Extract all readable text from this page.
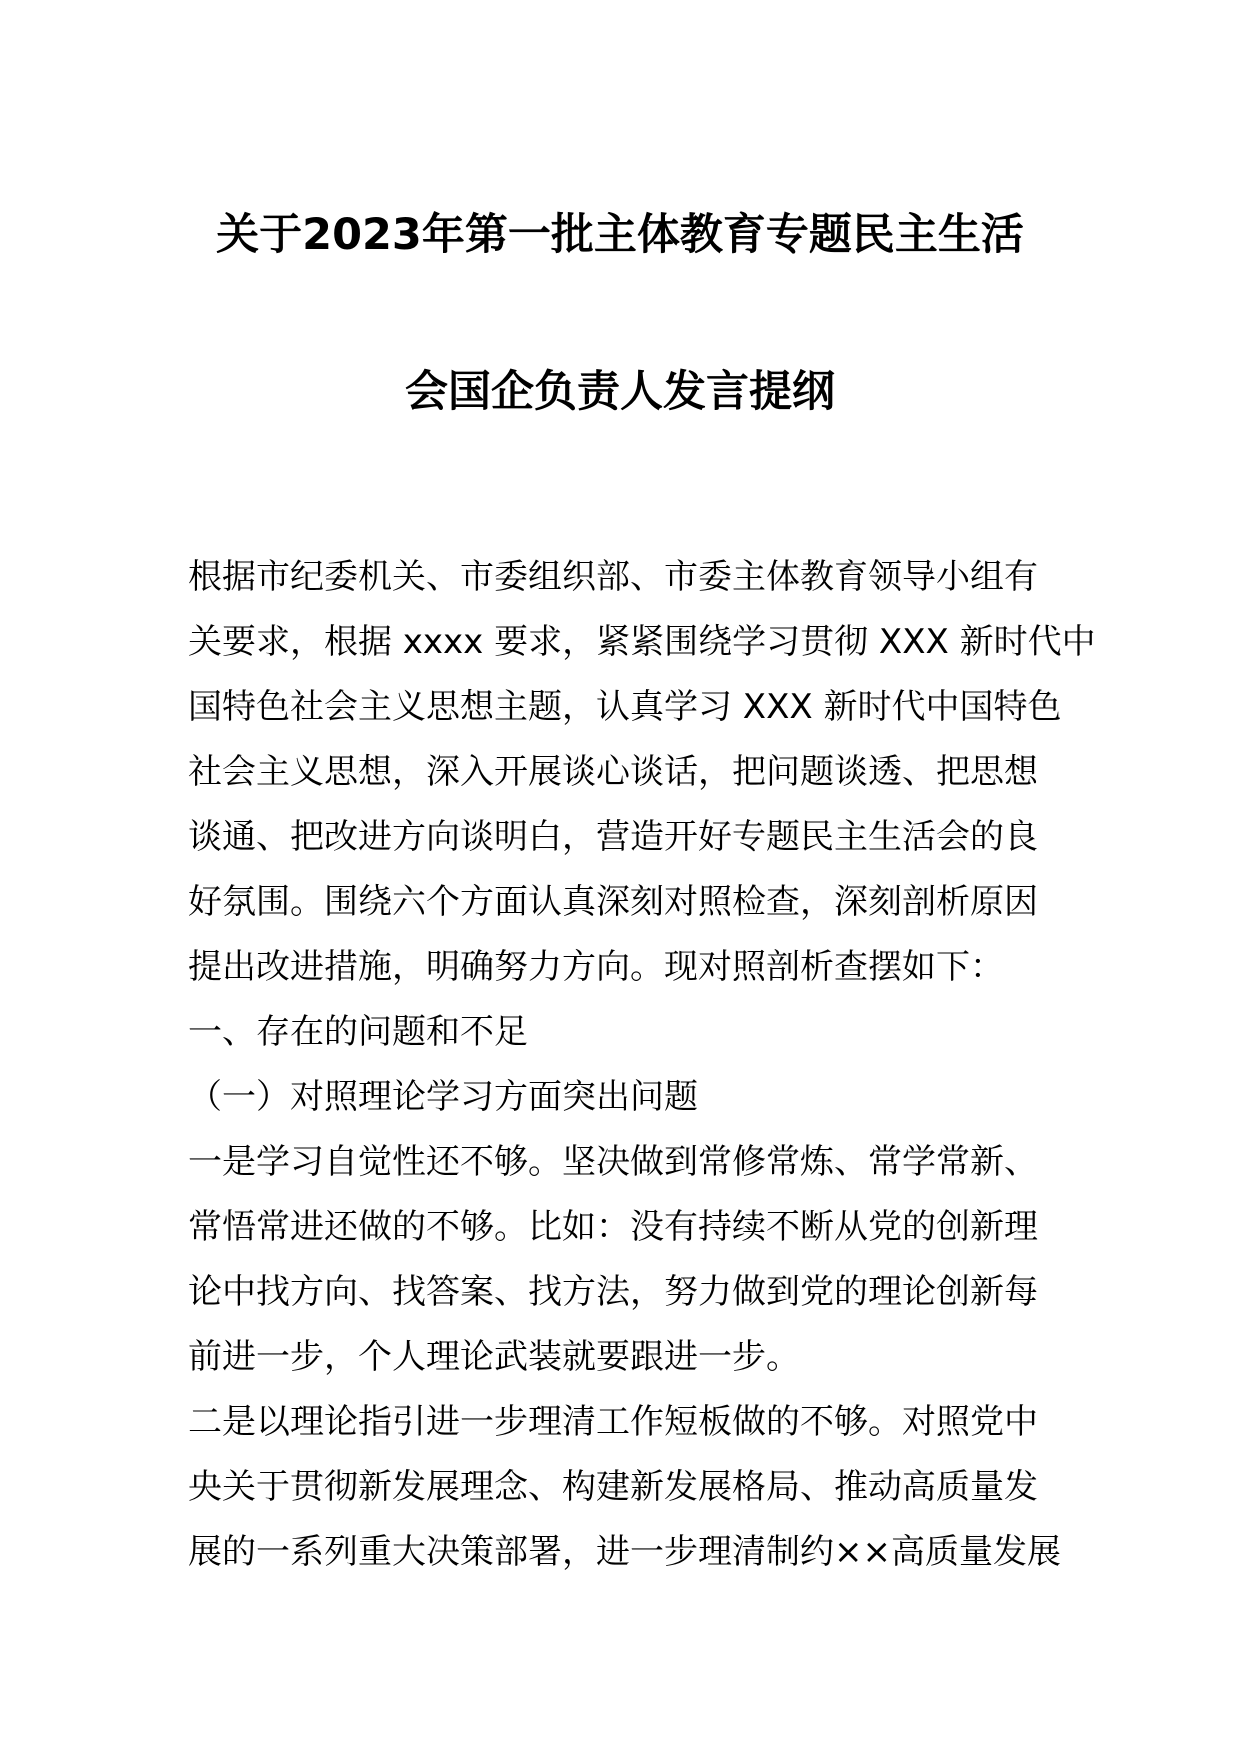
关于2023年第一批主体教育专题民主生活
会国企负责人发言提纲
根据市纪委机关、市委组织部、市委主体教育领导小组有
关要求，根据 xxxx 要求，紧紧围绕学习贯彻 XXX 新时代中
国特色社会主义思想主题，认真学习 XXX 新时代中国特色
社会主义思想，深入开展谈心谈话，把问题谈透、把思想
谈通、把改进方向谈明白，营造开好专题民主生活会的良
好氛围。围绕六个方面认真深刻对照检查，深刻剖析原因
提出改进措施，明确努力方向。现对照剖析查摆如下：
一、存在的问题和不足
（一）对照理论学习方面突出问题
一是学习自觉性还不够。坚决做到常修常炼、常学常新、
常悟常进还做的不够。比如：没有持续不断从党的创新理
论中找方向、找答案、找方法，努力做到党的理论创新每
前进一步，个人理论武装就要跟进一步。
二是以理论指引进一步理清工作短板做的不够。对照党中
央关于贯彻新发展理念、构建新发展格局、推动高质量发
展的一系列重大决策部署，进一步理清制约××高质量发展
